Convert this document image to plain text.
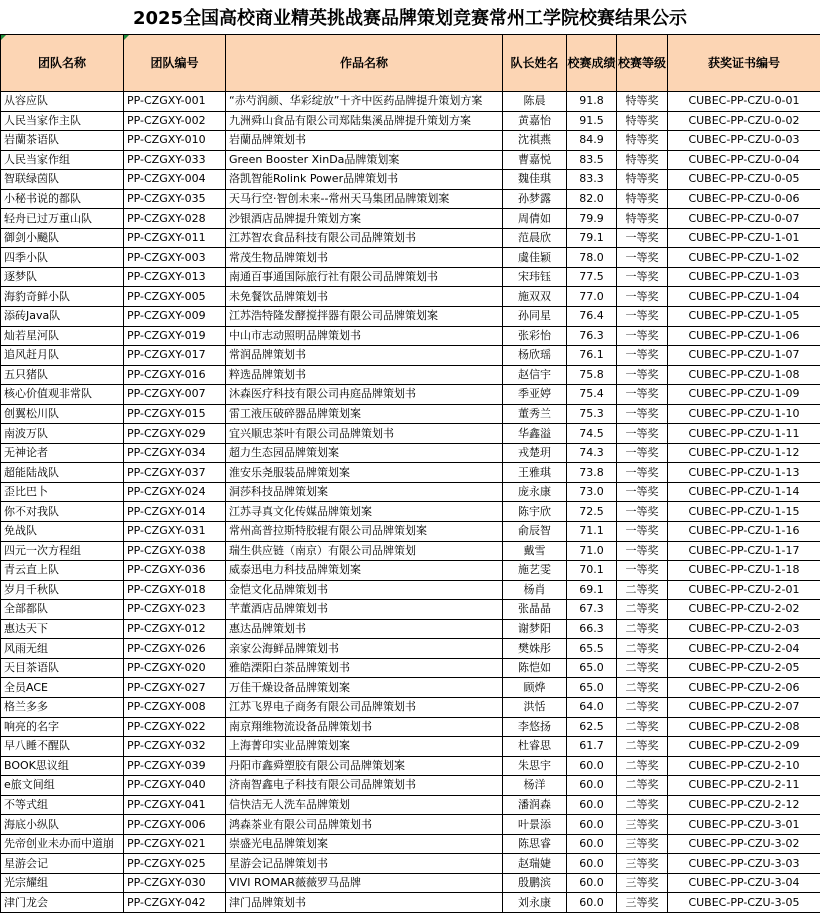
2025全国高校商业精英挑战赛品牌策划竞赛常州工学院校赛结果公示
团队名称	团队编号	作品名称	队长姓名	校赛成绩	校赛等级	获奖证书编号
从容应队	PP-CZGXY-001	“赤芍润颜、华彩绽放”十齐中医药品牌提升策划方案	陈晨	91.8	特等奖	CUBEC-PP-CZU-0-01
人民当家作主队	PP-CZGXY-002	九洲舜山食品有限公司郑陆集溪品牌提升策划方案	黄嘉怡	91.5	特等奖	CUBEC-PP-CZU-0-02
岩蘭茶语队	PP-CZGXY-010	岩蘭品牌策划书	沈祺燕	84.9	特等奖	CUBEC-PP-CZU-0-03
人民当家作组	PP-CZGXY-033	Green Booster XinDa品牌策划案	曹嘉悦	83.5	特等奖	CUBEC-PP-CZU-0-04
智联绿茵队	PP-CZGXY-004	洛凯智能Rolink Power品牌策划书	魏佳琪	83.3	特等奖	CUBEC-PP-CZU-0-05
小秘书说的都队	PP-CZGXY-035	天马行空·智创未来--常州天马集团品牌策划案	孙梦露	82.0	特等奖	CUBEC-PP-CZU-0-06
轻舟已过万重山队	PP-CZGXY-028	沙银酒店品牌提升策划方案	周倩如	79.9	特等奖	CUBEC-PP-CZU-0-07
御剑小飈队	PP-CZGXY-011	江苏智农食品科技有限公司品牌策划书	范晨欣	79.1	一等奖	CUBEC-PP-CZU-1-01
四季小队	PP-CZGXY-003	常茂生物品牌策划书	虞佳颖	78.0	一等奖	CUBEC-PP-CZU-1-02
逐梦队	PP-CZGXY-013	南通百事通国际旅行社有限公司品牌策划书	宋玮钰	77.5	一等奖	CUBEC-PP-CZU-1-03
海豹奇鲜小队	PP-CZGXY-005	未免餐饮品牌策划书	施双双	77.0	一等奖	CUBEC-PP-CZU-1-04
添砖Java队	PP-CZGXY-009	江苏浩特隆发酵搅拌器有限公司品牌策划案	孙同星	76.4	一等奖	CUBEC-PP-CZU-1-05
灿若星河队	PP-CZGXY-019	中山市志动照明品牌策划书	张彩怡	76.3	一等奖	CUBEC-PP-CZU-1-06
追风赶月队	PP-CZGXY-017	常润品牌策划书	杨欣瑶	76.1	一等奖	CUBEC-PP-CZU-1-07
五只猪队	PP-CZGXY-016	粹选品牌策划书	赵信宇	75.8	一等奖	CUBEC-PP-CZU-1-08
核心价值观非常队	PP-CZGXY-007	沐森医疗科技有限公司冉庭品牌策划书	季亚婷	75.4	一等奖	CUBEC-PP-CZU-1-09
创翼松川队	PP-CZGXY-015	雷工液压破碎器品牌策划案	董秀兰	75.3	一等奖	CUBEC-PP-CZU-1-10
南波万队	PP-CZGXY-029	宜兴顺忠茶叶有限公司品牌策划书	华鑫溢	74.5	一等奖	CUBEC-PP-CZU-1-11
无神论者	PP-CZGXY-034	超力生态园品牌策划案	戎楚玥	74.3	一等奖	CUBEC-PP-CZU-1-12
超能陆战队	PP-CZGXY-037	淮安乐尧服装品牌策划案	王雅琪	73.8	一等奖	CUBEC-PP-CZU-1-13
歪比巴卜	PP-CZGXY-024	洞莎科技品牌策划案	庞永康	73.0	一等奖	CUBEC-PP-CZU-1-14
你不对我队	PP-CZGXY-014	江苏寻真文化传媒品牌策划案	陈宇欣	72.5	一等奖	CUBEC-PP-CZU-1-15
免战队	PP-CZGXY-031	常州高普拉斯特胶辊有限公司品牌策划案	俞辰智	71.1	一等奖	CUBEC-PP-CZU-1-16
四元一次方程组	PP-CZGXY-038	瑞生供应链（南京）有限公司品牌策划	戴雪	71.0	一等奖	CUBEC-PP-CZU-1-17
青云直上队	PP-CZGXY-036	威泰迅电力科技品牌策划案	施艺雯	70.1	一等奖	CUBEC-PP-CZU-1-18
岁月千秋队	PP-CZGXY-018	金恺文化品牌策划书	杨肖	69.1	二等奖	CUBEC-PP-CZU-2-01
全部都队	PP-CZGXY-023	芊董酒店品牌策划书	张晶晶	67.3	二等奖	CUBEC-PP-CZU-2-02
惠达天下	PP-CZGXY-012	惠达品牌策划书	谢梦阳	66.3	二等奖	CUBEC-PP-CZU-2-03
风雨无组	PP-CZGXY-026	亲家公海鲜品牌策划书	樊姝彤	65.5	二等奖	CUBEC-PP-CZU-2-04
天目茶语队	PP-CZGXY-020	雅皓溧阳白茶品牌策划书	陈恺如	65.0	二等奖	CUBEC-PP-CZU-2-05
全员ACE	PP-CZGXY-027	万佳干燥设备品牌策划案	顾烨	65.0	二等奖	CUBEC-PP-CZU-2-06
格兰多多	PP-CZGXY-008	江苏飞界电子商务有限公司品牌策划书	洪恬	64.0	二等奖	CUBEC-PP-CZU-2-07
响亮的名字	PP-CZGXY-022	南京翔维物流设备品牌策划书	李悠扬	62.5	二等奖	CUBEC-PP-CZU-2-08
早八睡不醒队	PP-CZGXY-032	上海菁印实业品牌策划案	杜睿思	61.7	二等奖	CUBEC-PP-CZU-2-09
BOOK思议组	PP-CZGXY-039	丹阳市鑫舜塑胶有限公司品牌策划案	朱思宇	60.0	二等奖	CUBEC-PP-CZU-2-10
e旅文间组	PP-CZGXY-040	济南智鑫电子科技有限公司品牌策划书	杨洋	60.0	二等奖	CUBEC-PP-CZU-2-11
不等式组	PP-CZGXY-041	信快洁无人洗车品牌策划	潘润森	60.0	二等奖	CUBEC-PP-CZU-2-12
海底小纵队	PP-CZGXY-006	鸿森茶业有限公司品牌策划书	叶景添	60.0	三等奖	CUBEC-PP-CZU-3-01
先帝创业未办而中道崩	PP-CZGXY-021	崇盛光电品牌策划案	陈思睿	60.0	三等奖	CUBEC-PP-CZU-3-02
星游会记	PP-CZGXY-025	星游会记品牌策划书	赵瑞婕	60.0	三等奖	CUBEC-PP-CZU-3-03
光宗耀组	PP-CZGXY-030	VIVI ROMAR薇薇罗马品牌	殷鹏滨	60.0	三等奖	CUBEC-PP-CZU-3-04
津门龙会	PP-CZGXY-042	津门品牌策划书	刘永康	60.0	三等奖	CUBEC-PP-CZU-3-05
